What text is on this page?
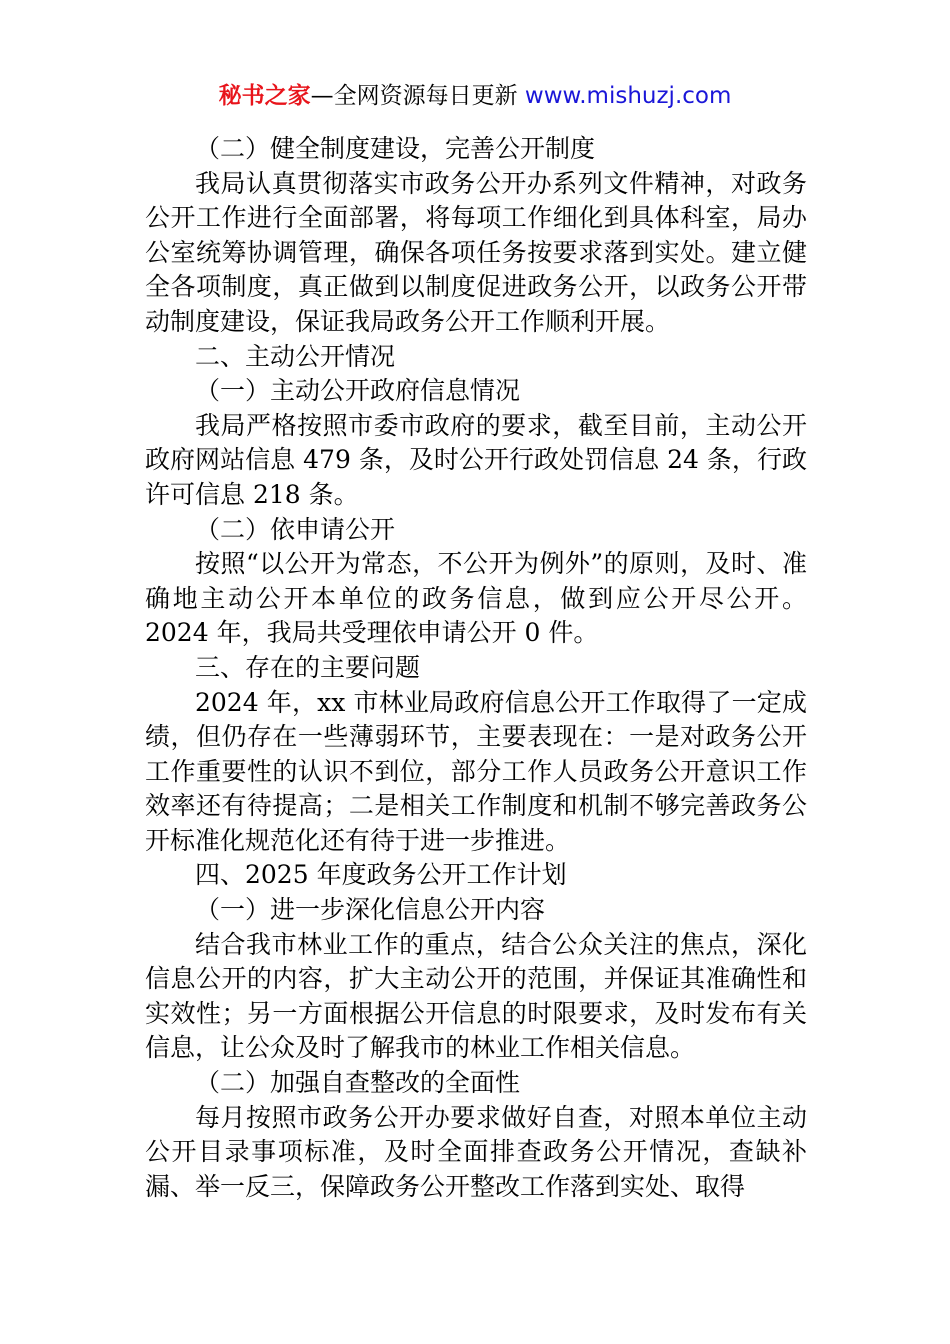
秘书之家—全网资源每日更新 www.mishuzj.com

（二）健全制度建设，完善公开制度

我局认真贯彻落实市政务公开办系列文件精神，对政务公开工作进行全面部署，将每项工作细化到具体科室，局办公室统筹协调管理，确保各项任务按要求落到实处。建立健全各项制度，真正做到以制度促进政务公开，以政务公开带动制度建设，保证我局政务公开工作顺利开展。

二、主动公开情况

（一）主动公开政府信息情况

我局严格按照市委市政府的要求，截至目前，主动公开政府网站信息 479 条，及时公开行政处罚信息 24 条，行政许可信息 218 条。

（二）依申请公开

按照“以公开为常态，不公开为例外”的原则，及时、准确地主动公开本单位的政务信息，做到应公开尽公开。2024 年，我局共受理依申请公开 0 件。

三、存在的主要问题

2024 年，xx 市林业局政府信息公开工作取得了一定成绩，但仍存在一些薄弱环节，主要表现在：一是对政务公开工作重要性的认识不到位，部分工作人员政务公开意识工作效率还有待提高；二是相关工作制度和机制不够完善政务公开标准化规范化还有待于进一步推进。

四、2025 年度政务公开工作计划

（一）进一步深化信息公开内容

结合我市林业工作的重点，结合公众关注的焦点，深化信息公开的内容，扩大主动公开的范围，并保证其准确性和实效性；另一方面根据公开信息的时限要求，及时发布有关信息，让公众及时了解我市的林业工作相关信息。

（二）加强自查整改的全面性

每月按照市政务公开办要求做好自查，对照本单位主动公开目录事项标准，及时全面排查政务公开情况，查缺补漏、举一反三，保障政务公开整改工作落到实处、取得
